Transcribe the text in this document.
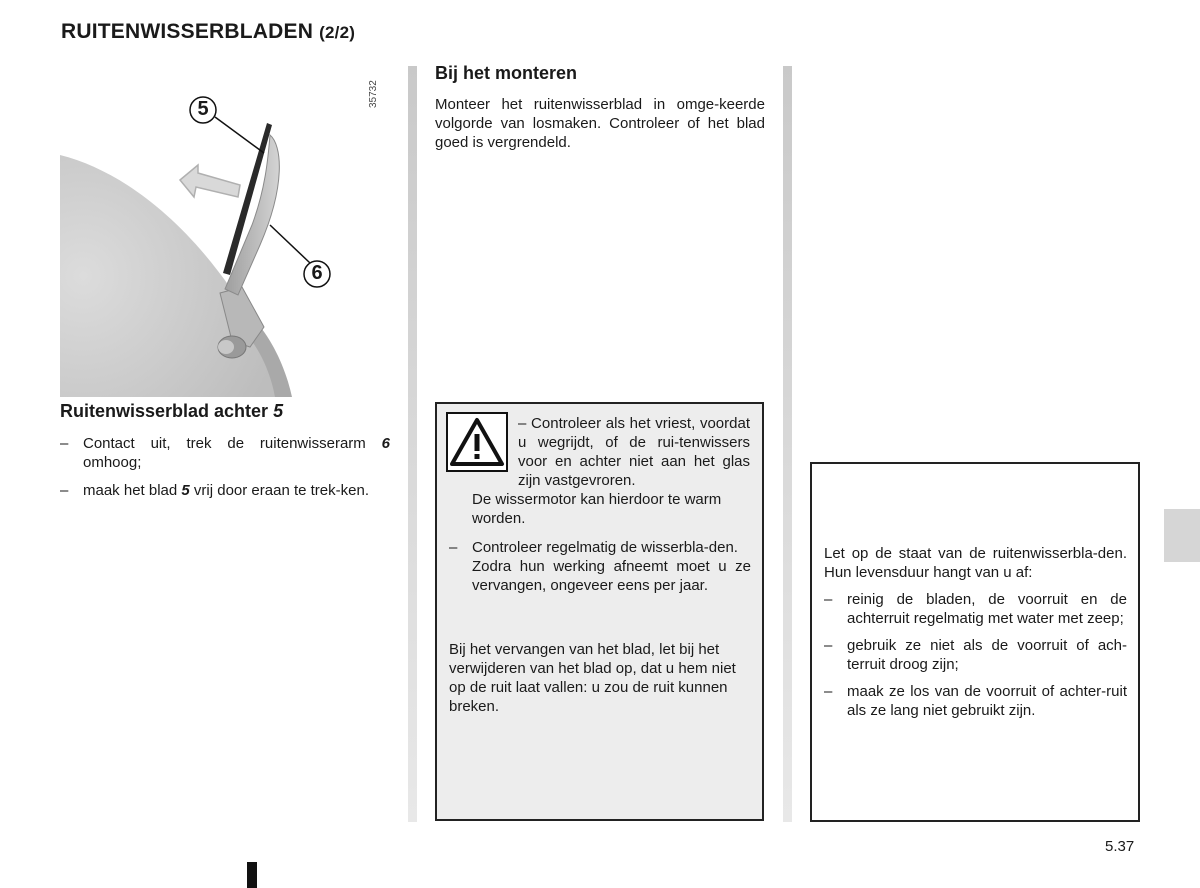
RUITENWISSERBLADEN (2/2)
5
6
35732
Ruitenwisserblad achter 5
– Contact uit, trek de ruitenwisserarm 6 omhoog;
– maak het blad 5 vrij door eraan te trek-ken.
Bij het monteren
Monteer het ruitenwisserblad in omge-keerde volgorde van losmaken. Controleer of het blad goed is vergrendeld.
– Controleer als het vriest, voordat u wegrijdt, of de rui-tenwissers voor en achter niet aan het glas zijn vastgevroren.
De wissermotor kan hierdoor te warm worden.
– Controleer regelmatig de wisserbla-den.
Zodra hun werking afneemt moet u ze vervangen, ongeveer eens per jaar.
Bij het vervangen van het blad, let bij het verwijderen van het blad op, dat u hem niet op de ruit laat vallen: u zou de ruit kunnen breken.
Let op de staat van de ruitenwisserbla-den. Hun levensduur hangt van u af:
– reinig de bladen, de voorruit en de achterruit regelmatig met water met zeep;
– gebruik ze niet als de voorruit of ach-terruit droog zijn;
– maak ze los van de voorruit of achter-ruit als ze lang niet gebruikt zijn.
5.37
